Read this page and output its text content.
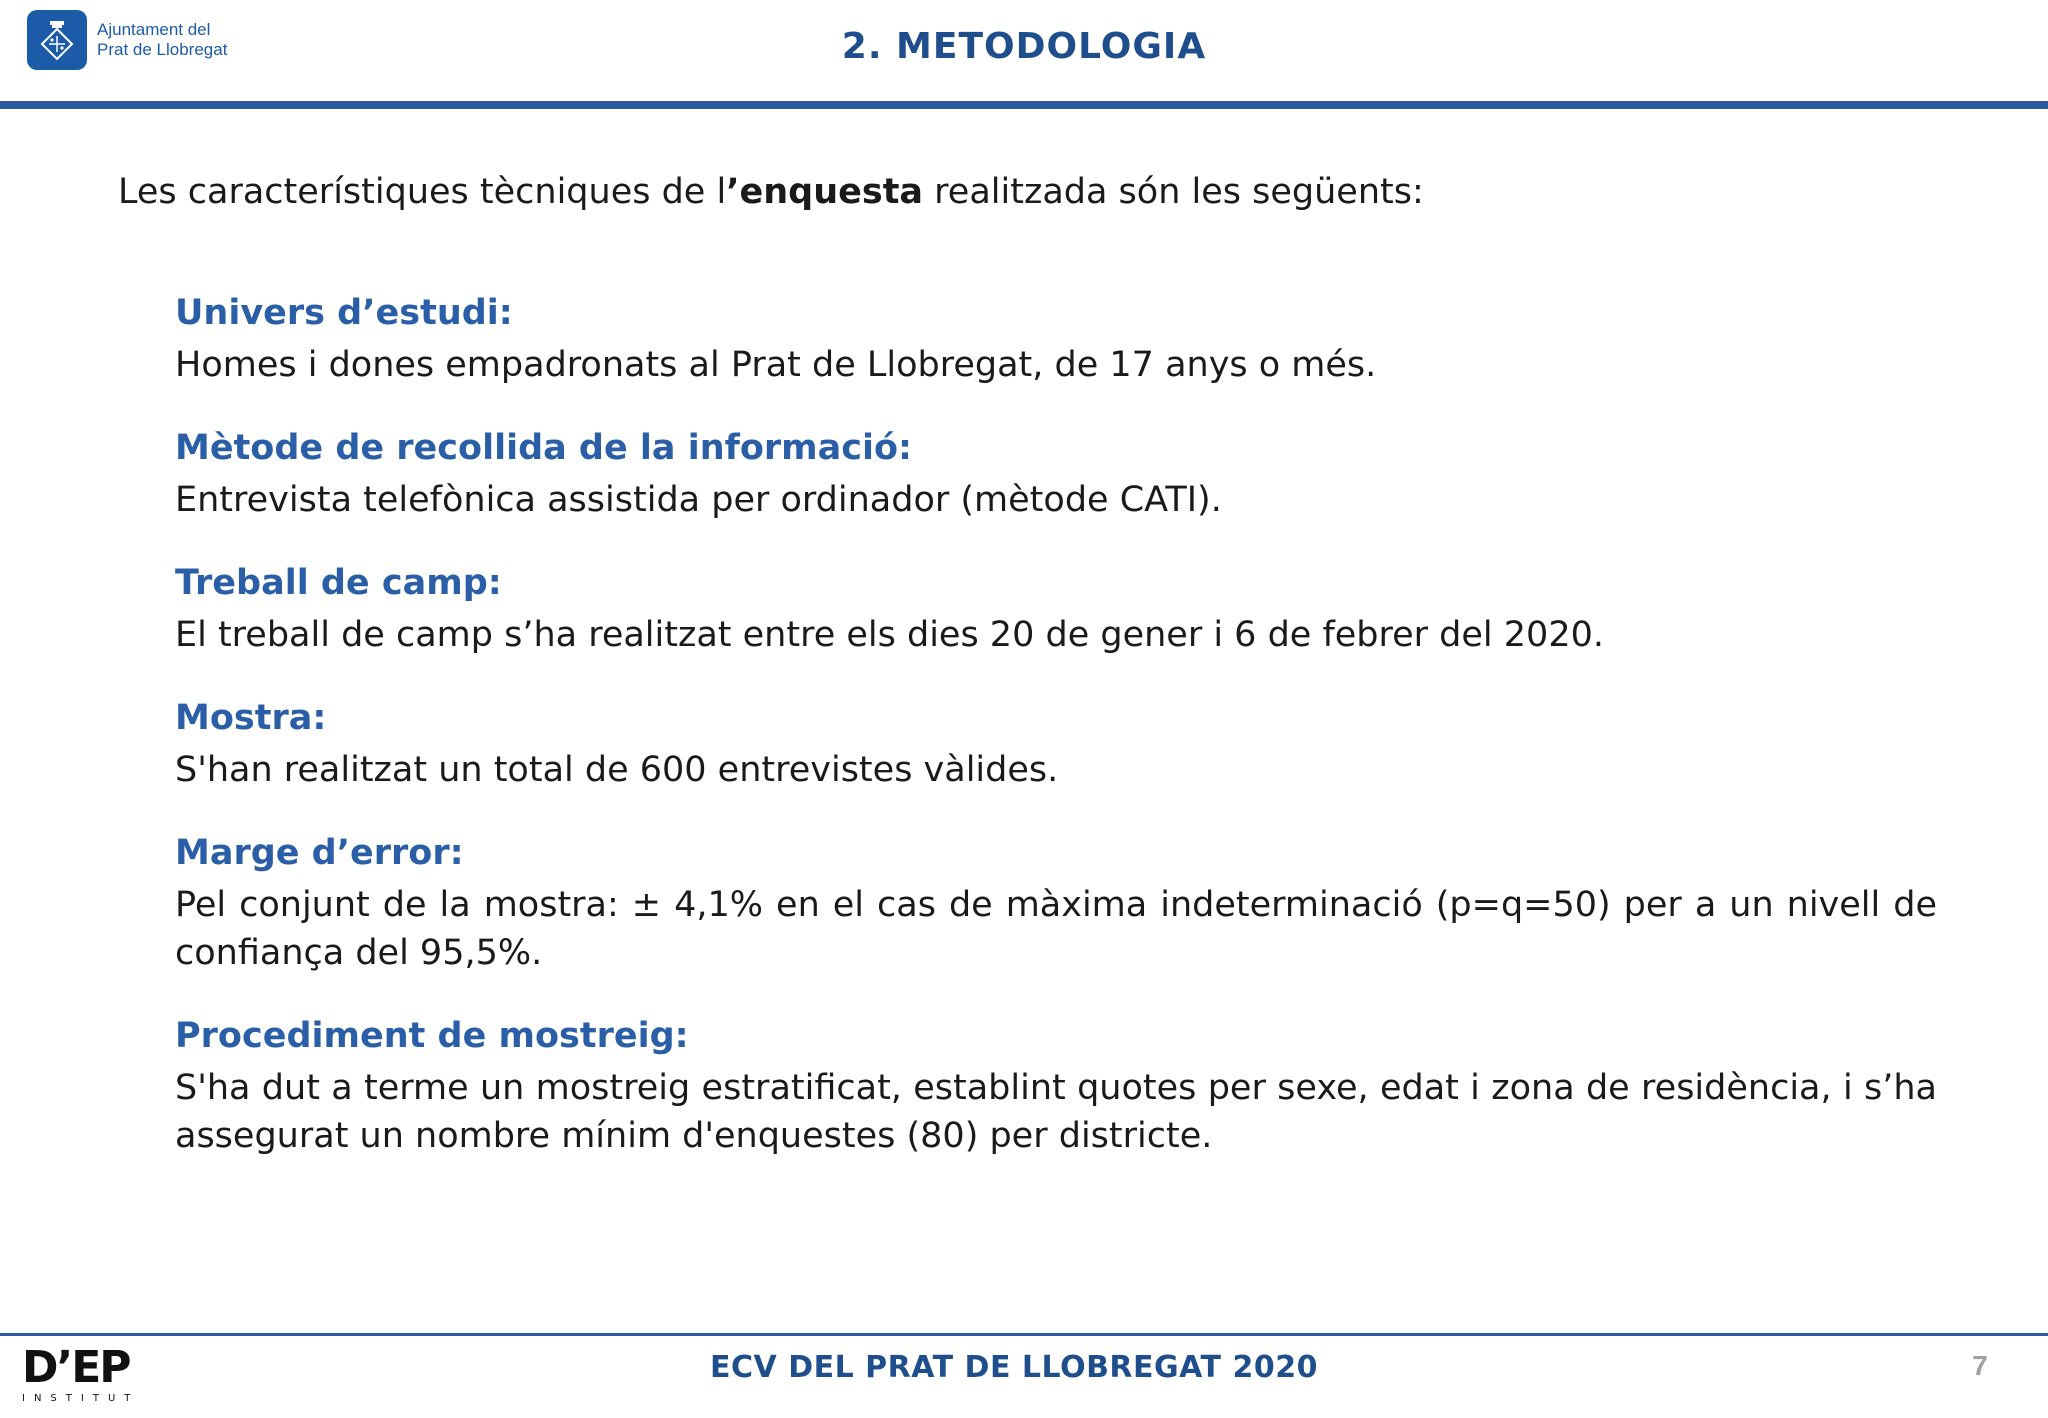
Ajuntament del
Prat de Llobregat	2. METODOLOGIA

Les característiques tècniques de l’enquesta realitzada són les següents:

Univers d’estudi:

Homes i dones empadronats al Prat de Llobregat, de 17 anys o més.

Mètode de recollida de la informació:

Entrevista telefònica assistida per ordinador (mètode CATI).

Treball de camp:

El treball de camp s’ha realitzat entre els dies 20 de gener i 6 de febrer del 2020.

Mostra:

S'han realitzat un total de 600 entrevistes vàlides.

Marge d’error:

Pel conjunt de la mostra: ± 4,1% en el cas de màxima indeterminació (p=q=50) per a un nivell de confiança del 95,5%.

Procediment de mostreig:

S'ha dut a terme un mostreig estratificat, establint quotes per sexe, edat i zona de residència, i s’ha assegurat un nombre mínim d'enquestes (80) per districte.

D’EP
INSTITUT

ECV DEL PRAT DE LLOBREGAT 2020	7
